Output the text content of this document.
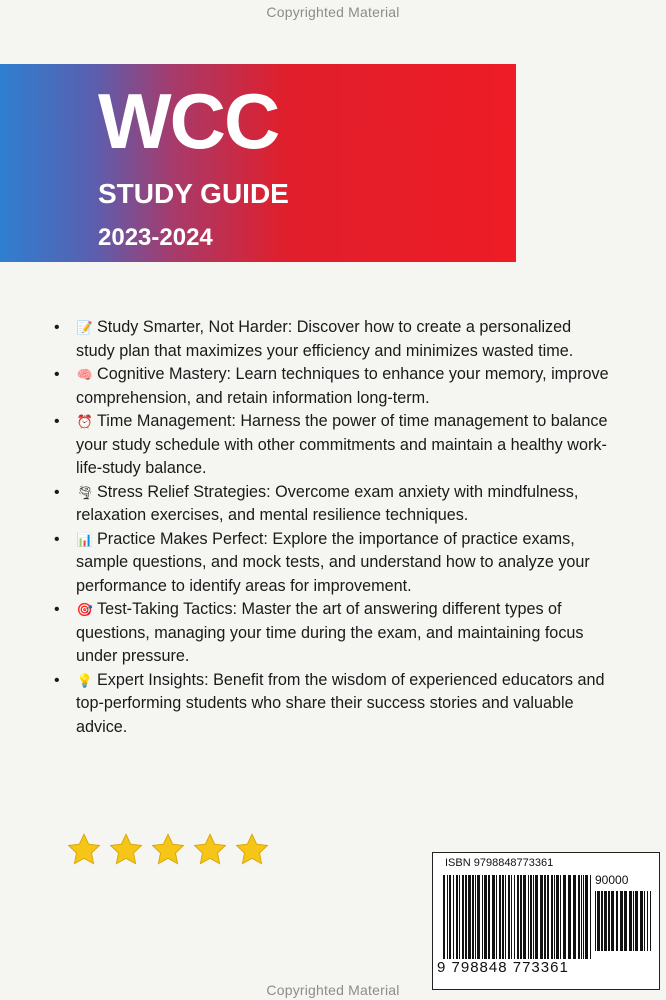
Copyrighted Material
WCC
STUDY GUIDE
2023-2024
• 📝 Study Smarter, Not Harder: Discover how to create a personalized study plan that maximizes your efficiency and minimizes wasted time.
• 🧠 Cognitive Mastery: Learn techniques to enhance your memory, improve comprehension, and retain information long-term.
• ⏰ Time Management: Harness the power of time management to balance your study schedule with other commitments and maintain a healthy work-life-study balance.
• 🌪 Stress Relief Strategies: Overcome exam anxiety with mindfulness, relaxation exercises, and mental resilience techniques.
• 📊 Practice Makes Perfect: Explore the importance of practice exams, sample questions, and mock tests, and understand how to analyze your performance to identify areas for improvement.
• 🎯 Test-Taking Tactics: Master the art of answering different types of questions, managing your time during the exam, and maintaining focus under pressure.
• 💡 Expert Insights: Benefit from the wisdom of experienced educators and top-performing students who share their success stories and valuable advice.
ISBN 9798848773361
90000
9 798848 773361
Copyrighted Material
